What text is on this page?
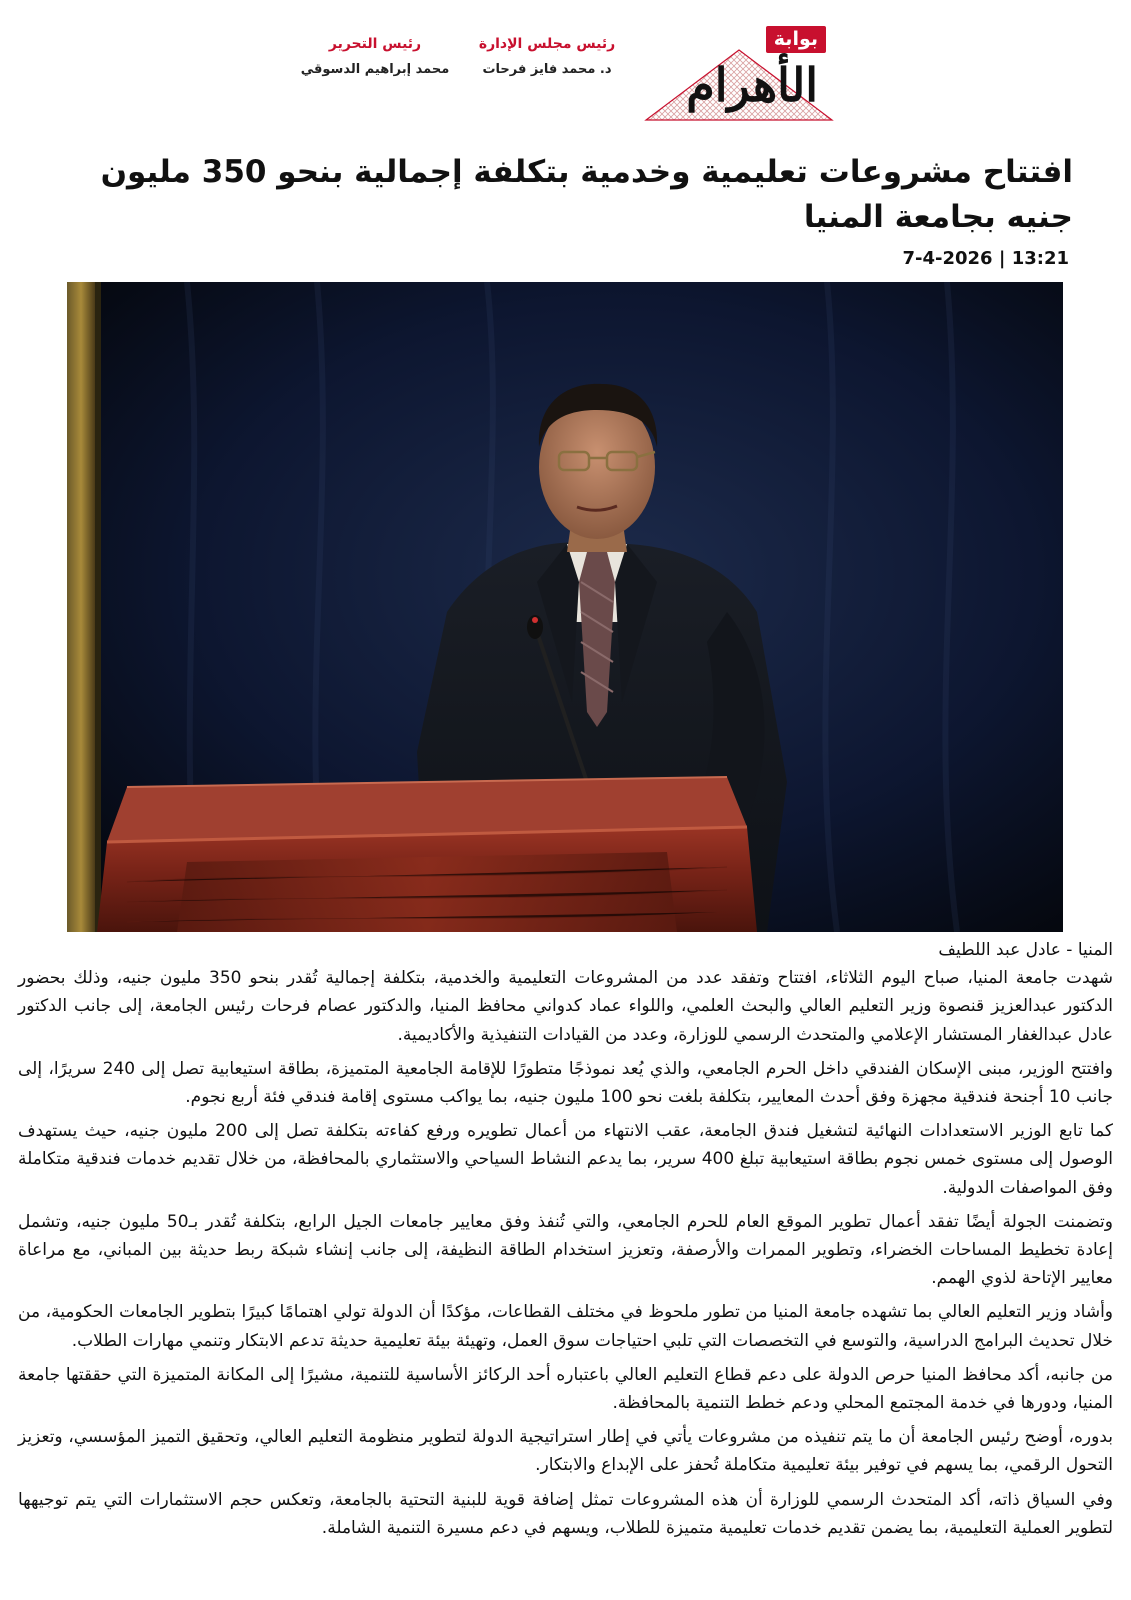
بوابة
الأهرام
رئيس مجلس الإدارة
د. محمد فايز فرحات
رئيس التحرير
محمد إبراهيم الدسوقي
افتتاح مشروعات تعليمية وخدمية بتكلفة إجمالية بنحو 350 مليون جنيه بجامعة المنيا
7-4-2026 | 13:21

المنيا - عادل عبد اللطيف

شهدت جامعة المنيا، صباح اليوم الثلاثاء، افتتاح وتفقد عدد من المشروعات التعليمية والخدمية، بتكلفة إجمالية تُقدر بنحو 350 مليون جنيه، وذلك بحضور الدكتور عبدالعزيز قنصوة وزير التعليم العالي والبحث العلمي، واللواء عماد كدواني محافظ المنيا، والدكتور عصام فرحات رئيس الجامعة، إلى جانب الدكتور عادل عبدالغفار المستشار الإعلامي والمتحدث الرسمي للوزارة، وعدد من القيادات التنفيذية والأكاديمية.

وافتتح الوزير، مبنى الإسكان الفندقي داخل الحرم الجامعي، والذي يُعد نموذجًا متطورًا للإقامة الجامعية المتميزة، بطاقة استيعابية تصل إلى 240 سريرًا، إلى جانب 10 أجنحة فندقية مجهزة وفق أحدث المعايير، بتكلفة بلغت نحو 100 مليون جنيه، بما يواكب مستوى إقامة فندقي فئة أربع نجوم.

كما تابع الوزير الاستعدادات النهائية لتشغيل فندق الجامعة، عقب الانتهاء من أعمال تطويره ورفع كفاءته بتكلفة تصل إلى 200 مليون جنيه، حيث يستهدف الوصول إلى مستوى خمس نجوم بطاقة استيعابية تبلغ 400 سرير، بما يدعم النشاط السياحي والاستثماري بالمحافظة، من خلال تقديم خدمات فندقية متكاملة وفق المواصفات الدولية.

وتضمنت الجولة أيضًا تفقد أعمال تطوير الموقع العام للحرم الجامعي، والتي تُنفذ وفق معايير جامعات الجيل الرابع، بتكلفة تُقدر بـ50 مليون جنيه، وتشمل إعادة تخطيط المساحات الخضراء، وتطوير الممرات والأرصفة، وتعزيز استخدام الطاقة النظيفة، إلى جانب إنشاء شبكة ربط حديثة بين المباني، مع مراعاة معايير الإتاحة لذوي الهمم.

وأشاد وزير التعليم العالي بما تشهده جامعة المنيا من تطور ملحوظ في مختلف القطاعات، مؤكدًا أن الدولة تولي اهتمامًا كبيرًا بتطوير الجامعات الحكومية، من خلال تحديث البرامج الدراسية، والتوسع في التخصصات التي تلبي احتياجات سوق العمل، وتهيئة بيئة تعليمية حديثة تدعم الابتكار وتنمي مهارات الطلاب.

من جانبه، أكد محافظ المنيا حرص الدولة على دعم قطاع التعليم العالي باعتباره أحد الركائز الأساسية للتنمية، مشيرًا إلى المكانة المتميزة التي حققتها جامعة المنيا، ودورها في خدمة المجتمع المحلي ودعم خطط التنمية بالمحافظة.

بدوره، أوضح رئيس الجامعة أن ما يتم تنفيذه من مشروعات يأتي في إطار استراتيجية الدولة لتطوير منظومة التعليم العالي، وتحقيق التميز المؤسسي، وتعزيز التحول الرقمي، بما يسهم في توفير بيئة تعليمية متكاملة تُحفز على الإبداع والابتكار.

وفي السياق ذاته، أكد المتحدث الرسمي للوزارة أن هذه المشروعات تمثل إضافة قوية للبنية التحتية بالجامعة، وتعكس حجم الاستثمارات التي يتم توجيهها لتطوير العملية التعليمية، بما يضمن تقديم خدمات تعليمية متميزة للطلاب، ويسهم في دعم مسيرة التنمية الشاملة.
